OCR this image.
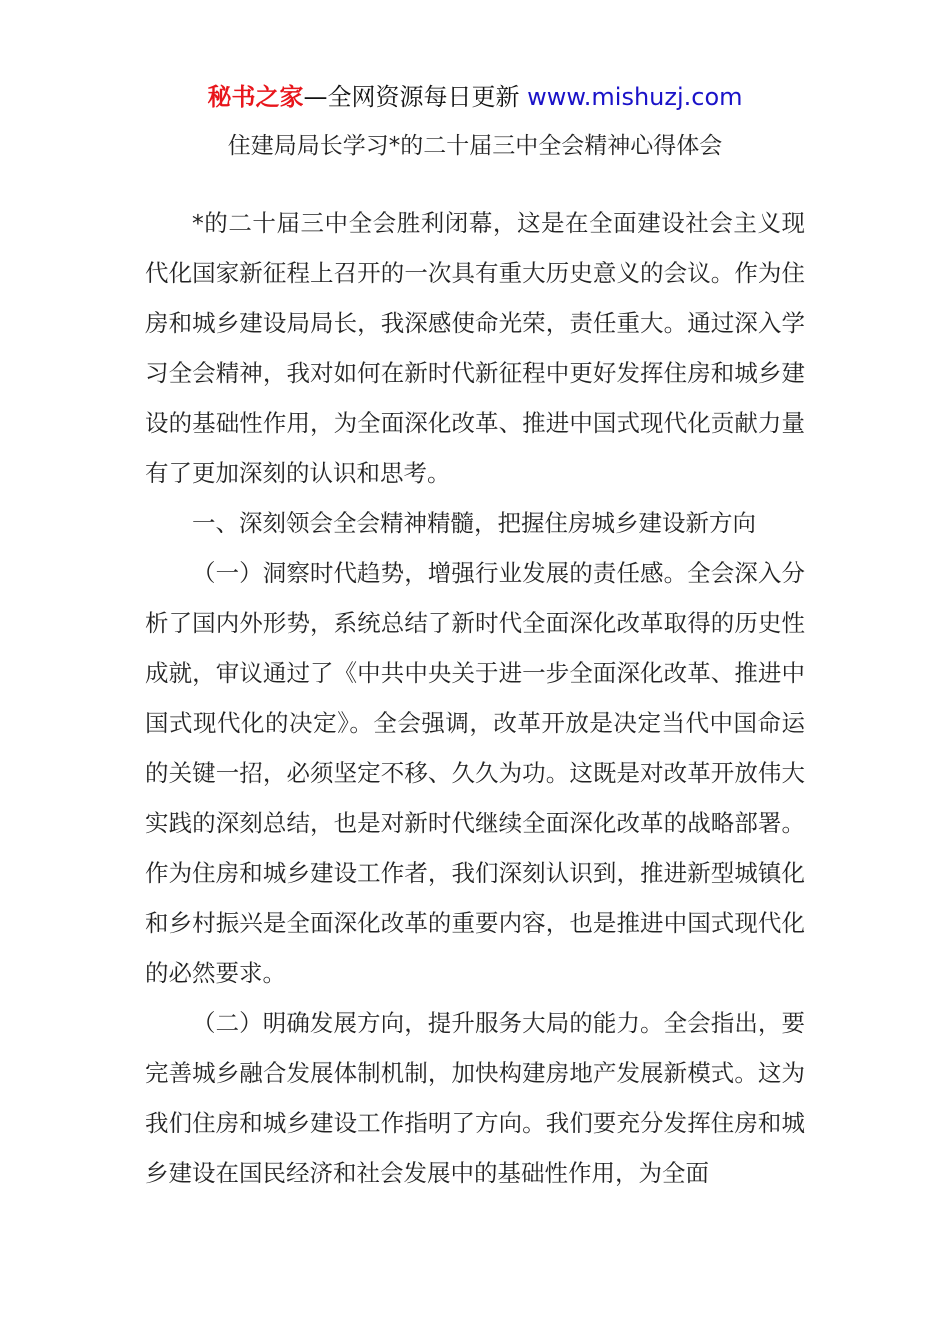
秘书之家—全网资源每日更新 www.mishuzj.com
住建局局长学习*的二十届三中全会精神心得体会

*的二十届三中全会胜利闭幕，这是在全面建设社会主义现代化国家新征程上召开的一次具有重大历史意义的会议。作为住房和城乡建设局局长，我深感使命光荣，责任重大。通过深入学习全会精神，我对如何在新时代新征程中更好发挥住房和城乡建设的基础性作用，为全面深化改革、推进中国式现代化贡献力量有了更加深刻的认识和思考。

一、深刻领会全会精神精髓，把握住房城乡建设新方向

（一）洞察时代趋势，增强行业发展的责任感。全会深入分析了国内外形势，系统总结了新时代全面深化改革取得的历史性成就，审议通过了《中共中央关于进一步全面深化改革、推进中国式现代化的决定》。全会强调，改革开放是决定当代中国命运的关键一招，必须坚定不移、久久为功。这既是对改革开放伟大实践的深刻总结，也是对新时代继续全面深化改革的战略部署。作为住房和城乡建设工作者，我们深刻认识到，推进新型城镇化和乡村振兴是全面深化改革的重要内容，也是推进中国式现代化的必然要求。

（二）明确发展方向，提升服务大局的能力。全会指出，要完善城乡融合发展体制机制，加快构建房地产发展新模式。这为我们住房和城乡建设工作指明了方向。我们要充分发挥住房和城乡建设在国民经济和社会发展中的基础性作用，为全面
